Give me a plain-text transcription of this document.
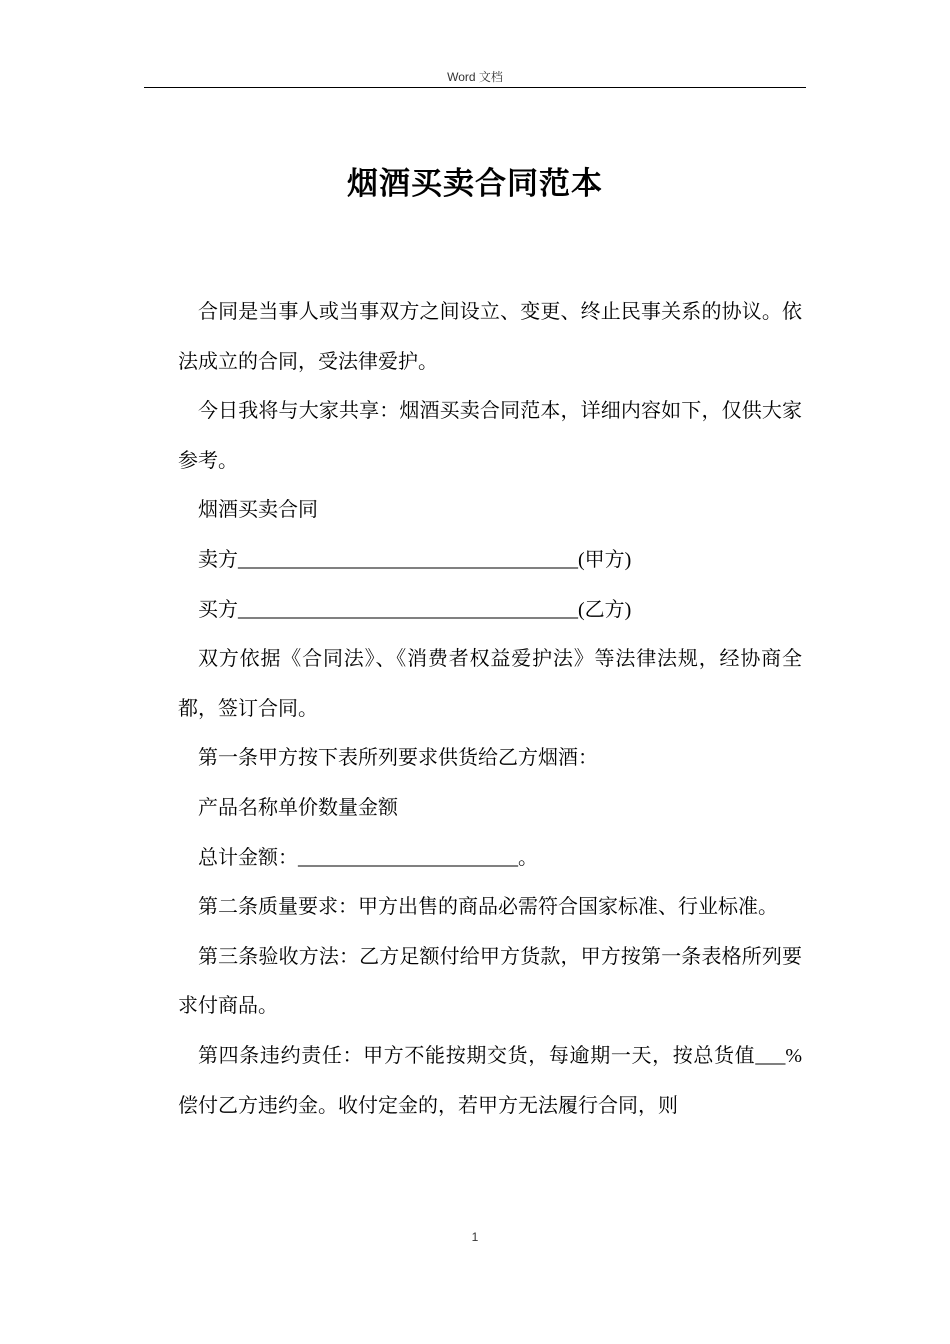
Word 文档
烟酒买卖合同范本

合同是当事人或当事双方之间设立、变更、终止民事关系的协议。依法成立的合同，受法律爱护。

今日我将与大家共享：烟酒买卖合同范本，详细内容如下，仅供大家参考。

烟酒买卖合同

卖方__________________________________(甲方)

买方__________________________________(乙方)

双方依据《合同法》、《消费者权益爱护法》等法律法规，经协商全都，签订合同。

第一条甲方按下表所列要求供货给乙方烟酒：

产品名称单价数量金额

总计金额：______________________。

第二条质量要求：甲方出售的商品必需符合国家标准、行业标准。

第三条验收方法：乙方足额付给甲方货款，甲方按第一条表格所列要求付商品。

第四条违约责任：甲方不能按期交货，每逾期一天，按总货值___%偿付乙方违约金。收付定金的，若甲方无法履行合同，则

1
